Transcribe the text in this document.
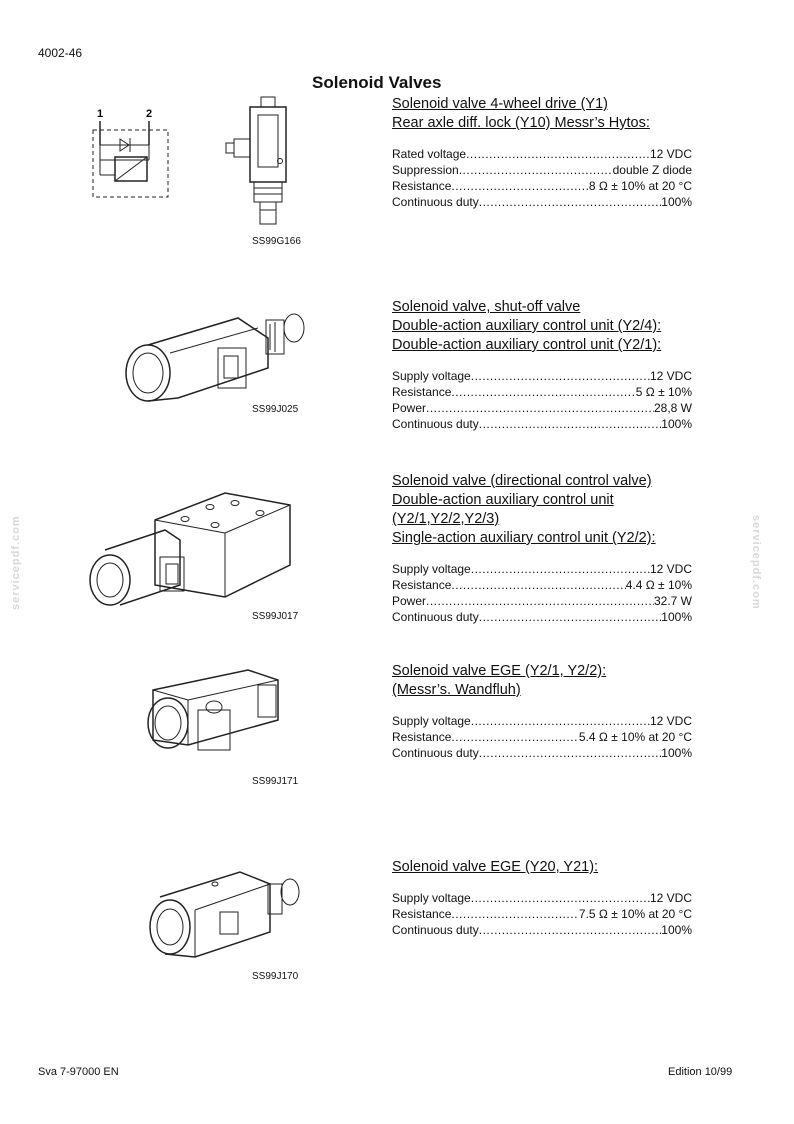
4002-46
Solenoid Valves
servicepdf.com	servicepdf.com
1	2
SS99G166
Solenoid valve 4-wheel drive (Y1)
Rear axle diff. lock (Y10) Messr’s Hytos:
Rated voltage .....	12 VDC
Suppression .....	double Z diode
Resistance .....	8 Ω ± 10% at 20 °C
Continuous duty .....	100%
SS99J025
Solenoid valve, shut-off valve
Double-action auxiliary control unit (Y2/4):
Double-action auxiliary control unit (Y2/1):
Supply voltage .....	12 VDC
Resistance .....	5 Ω ± 10%
Power .....	28,8 W
Continuous duty .....	100%
SS99J017
Solenoid valve (directional control valve)
Double-action auxiliary control unit
(Y2/1,Y2/2,Y2/3)
Single-action auxiliary control unit (Y2/2):
Supply voltage .....	12 VDC
Resistance .....	4.4 Ω ± 10%
Power .....	32.7 W
Continuous duty .....	100%
SS99J171
Solenoid valve EGE (Y2/1, Y2/2):
(Messr’s. Wandfluh)
Supply voltage .....	12 VDC
Resistance .....	5.4 Ω ± 10% at 20 °C
Continuous duty .....	100%
SS99J170
Solenoid valve EGE (Y20, Y21):
Supply voltage .....	12 VDC
Resistance .....	7.5 Ω ± 10% at 20 °C
Continuous duty .....	100%
Sva 7-97000 EN	Edition 10/99
